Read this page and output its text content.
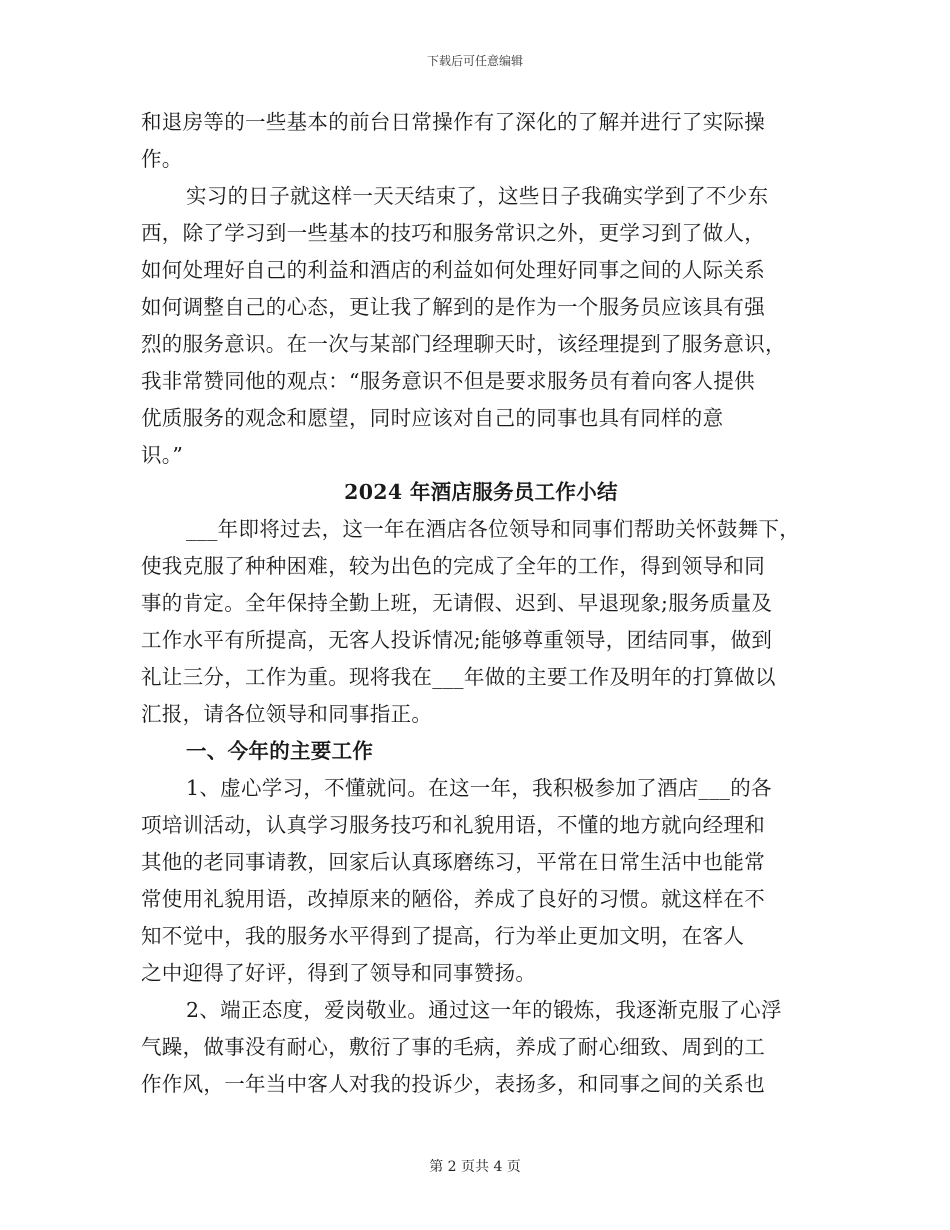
下载后可任意编辑
和退房等的一些基本的前台日常操作有了深化的了解并进行了实际操
作。
实习的日子就这样一天天结束了，这些日子我确实学到了不少东
西，除了学习到一些基本的技巧和服务常识之外，更学习到了做人，
如何处理好自己的利益和酒店的利益如何处理好同事之间的人际关系
如何调整自己的心态，更让我了解到的是作为一个服务员应该具有强
烈的服务意识。在一次与某部门经理聊天时，该经理提到了服务意识，
我非常赞同他的观点：“服务意识不但是要求服务员有着向客人提供
优质服务的观念和愿望，同时应该对自己的同事也具有同样的意
识。”
2024 年酒店服务员工作小结
___年即将过去，这一年在酒店各位领导和同事们帮助关怀鼓舞下，
使我克服了种种困难，较为出色的完成了全年的工作，得到领导和同
事的肯定。全年保持全勤上班，无请假、迟到、早退现象;服务质量及
工作水平有所提高，无客人投诉情况;能够尊重领导，团结同事，做到
礼让三分，工作为重。现将我在___年做的主要工作及明年的打算做以
汇报，请各位领导和同事指正。
一、今年的主要工作
1、虚心学习，不懂就问。在这一年，我积极参加了酒店___的各
项培训活动，认真学习服务技巧和礼貌用语，不懂的地方就向经理和
其他的老同事请教，回家后认真琢磨练习，平常在日常生活中也能常
常使用礼貌用语，改掉原来的陋俗，养成了良好的习惯。就这样在不
知不觉中，我的服务水平得到了提高，行为举止更加文明，在客人
之中迎得了好评，得到了领导和同事赞扬。
2、端正态度，爱岗敬业。通过这一年的锻炼，我逐渐克服了心浮
气躁，做事没有耐心，敷衍了事的毛病，养成了耐心细致、周到的工
作作风，一年当中客人对我的投诉少，表扬多，和同事之间的关系也
第 2 页共 4 页
